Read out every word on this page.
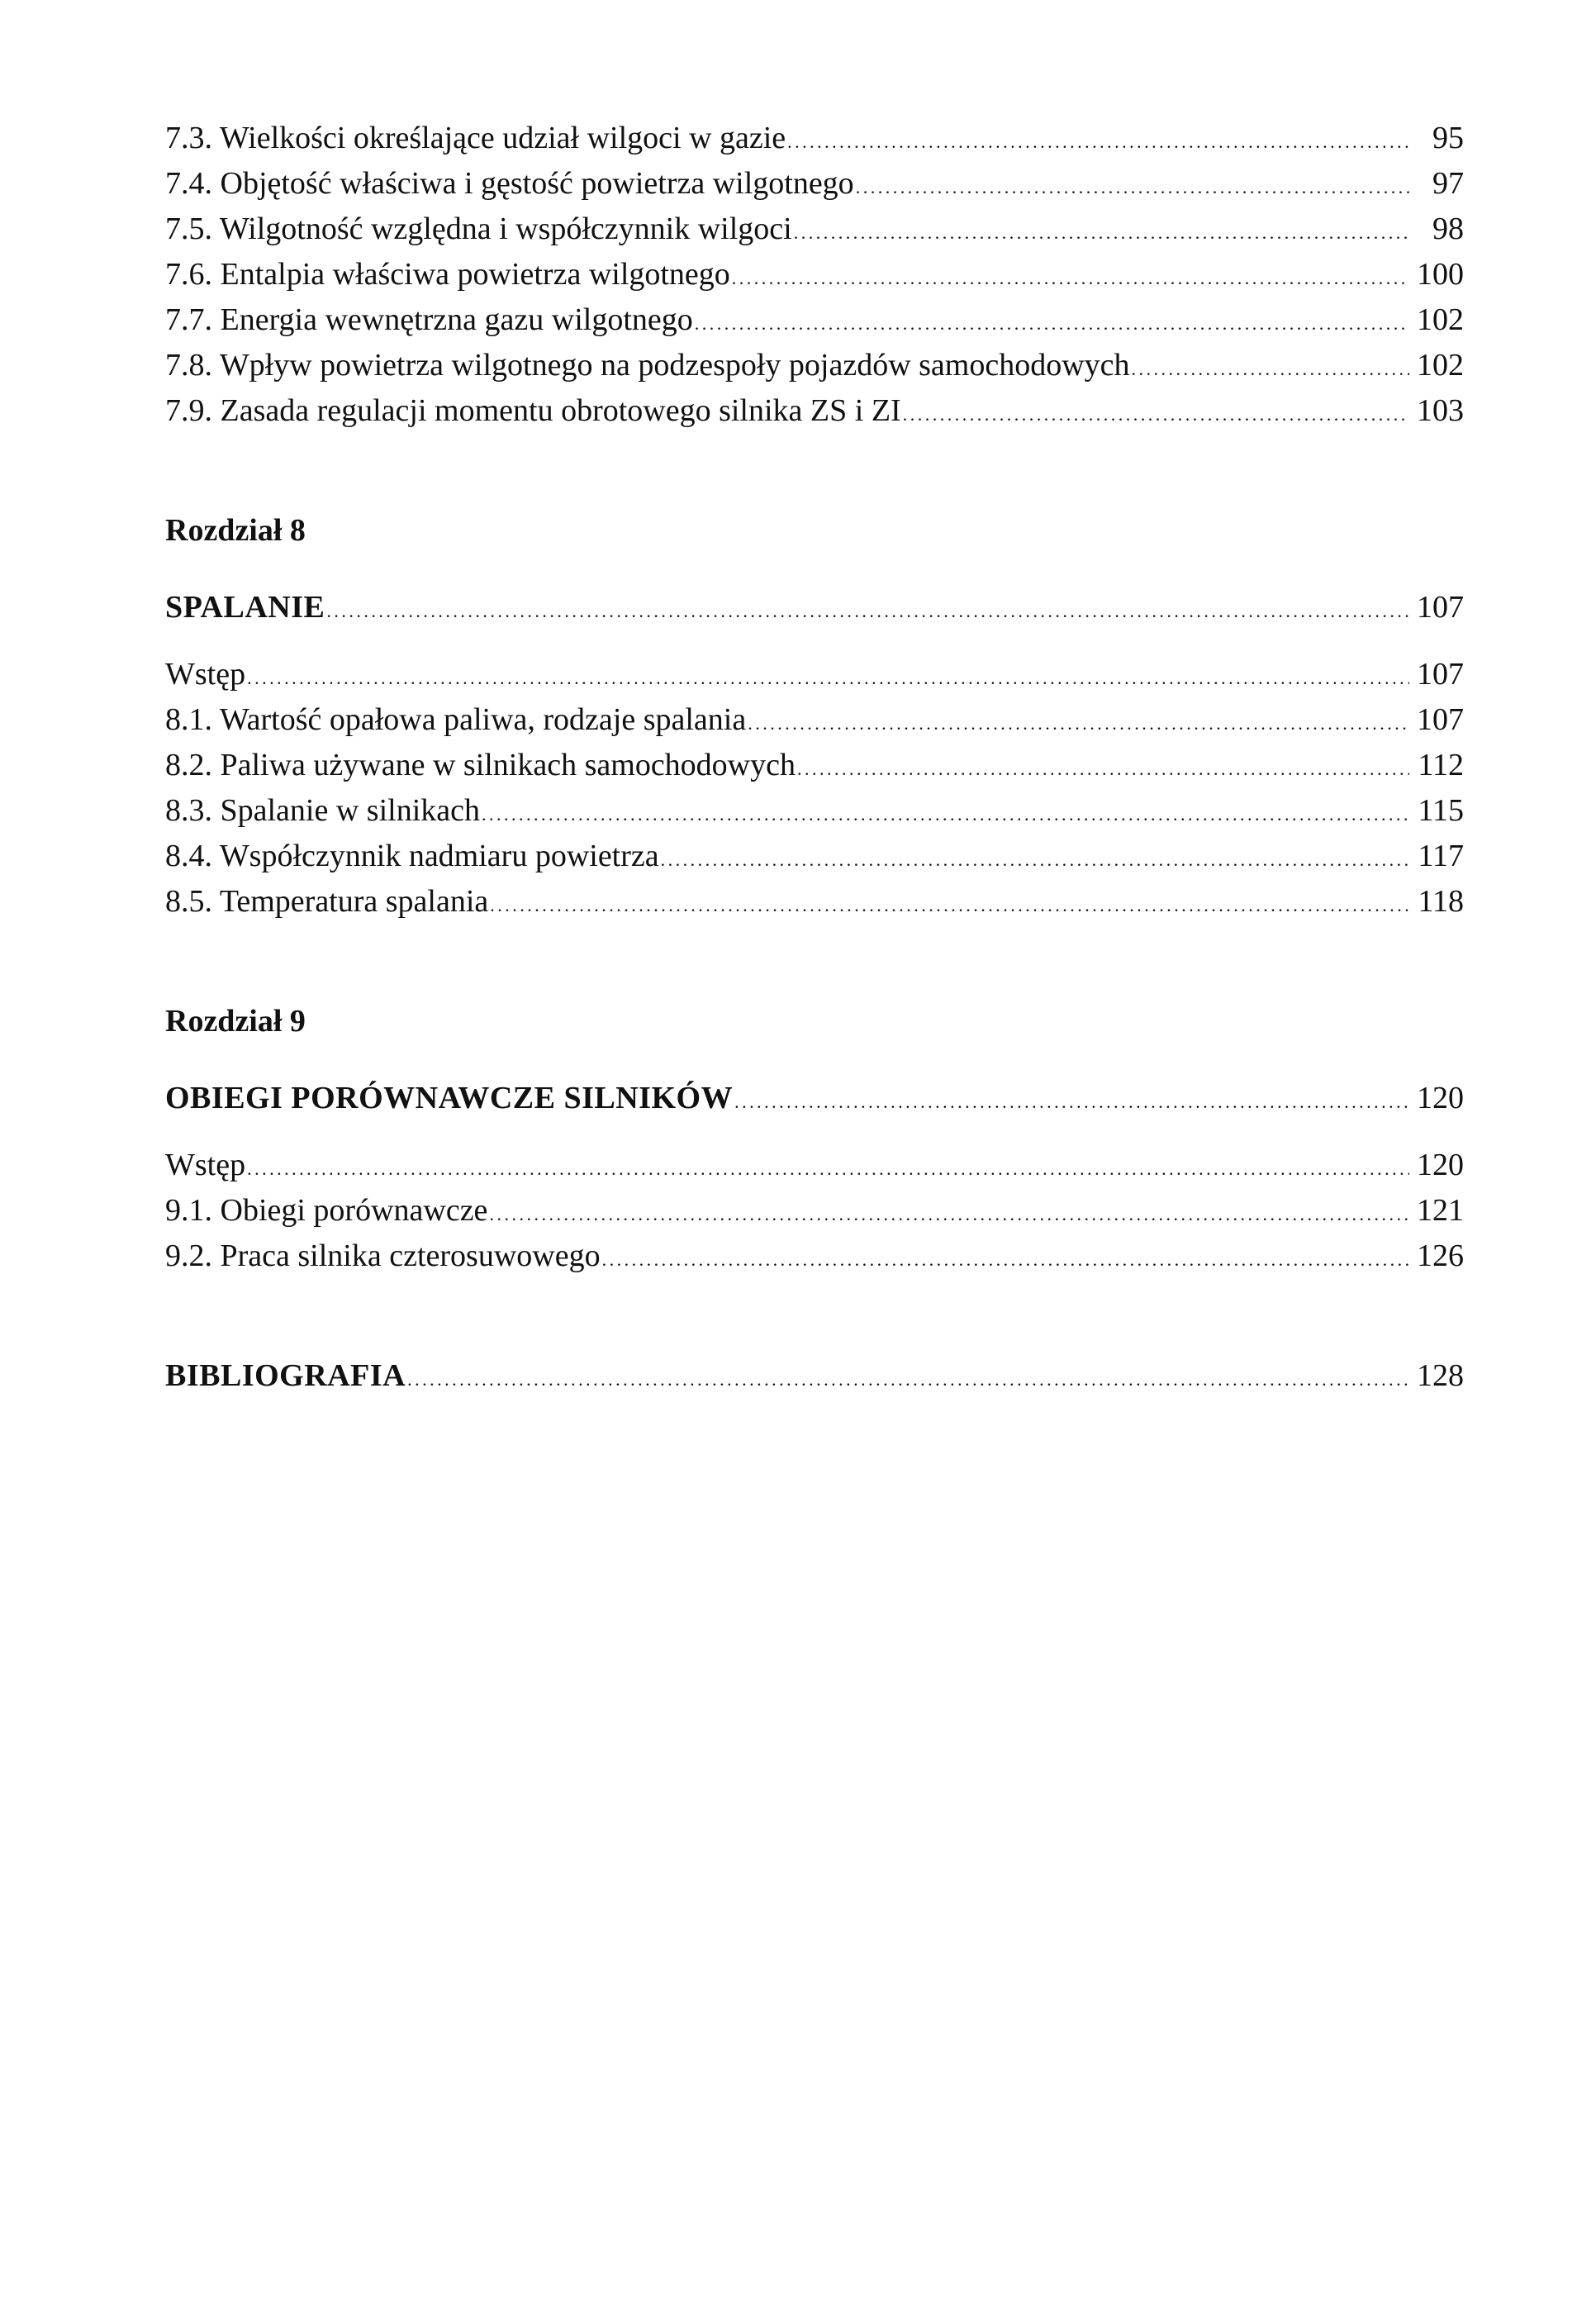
7.3. Wielkości określające udział wilgoci w gazie . . .	95
7.4. Objętość właściwa i gęstość powietrza wilgotnego . . .	97
7.5. Wilgotność względna i współczynnik wilgoci . . .	98
7.6. Entalpia właściwa powietrza wilgotnego . . .	100
7.7. Energia wewnętrzna gazu wilgotnego . . .	102
7.8. Wpływ powietrza wilgotnego na podzespoły pojazdów samochodowych . . .	102
7.9. Zasada regulacji momentu obrotowego silnika ZS i ZI . . .	103
Rozdział 8
SPALANIE . . .	107
Wstęp . . .	107
8.1. Wartość opałowa paliwa, rodzaje spalania . . .	107
8.2. Paliwa używane w silnikach samochodowych . . .	112
8.3. Spalanie w silnikach . . .	115
8.4. Współczynnik nadmiaru powietrza . . .	117
8.5. Temperatura spalania . . .	118
Rozdział 9
OBIEGI PORÓWNAWCZE SILNIKÓW . . .	120
Wstęp . . .	120
9.1. Obiegi porównawcze . . .	121
9.2. Praca silnika czterosuwowego . . .	126
BIBLIOGRAFIA . . .	128
